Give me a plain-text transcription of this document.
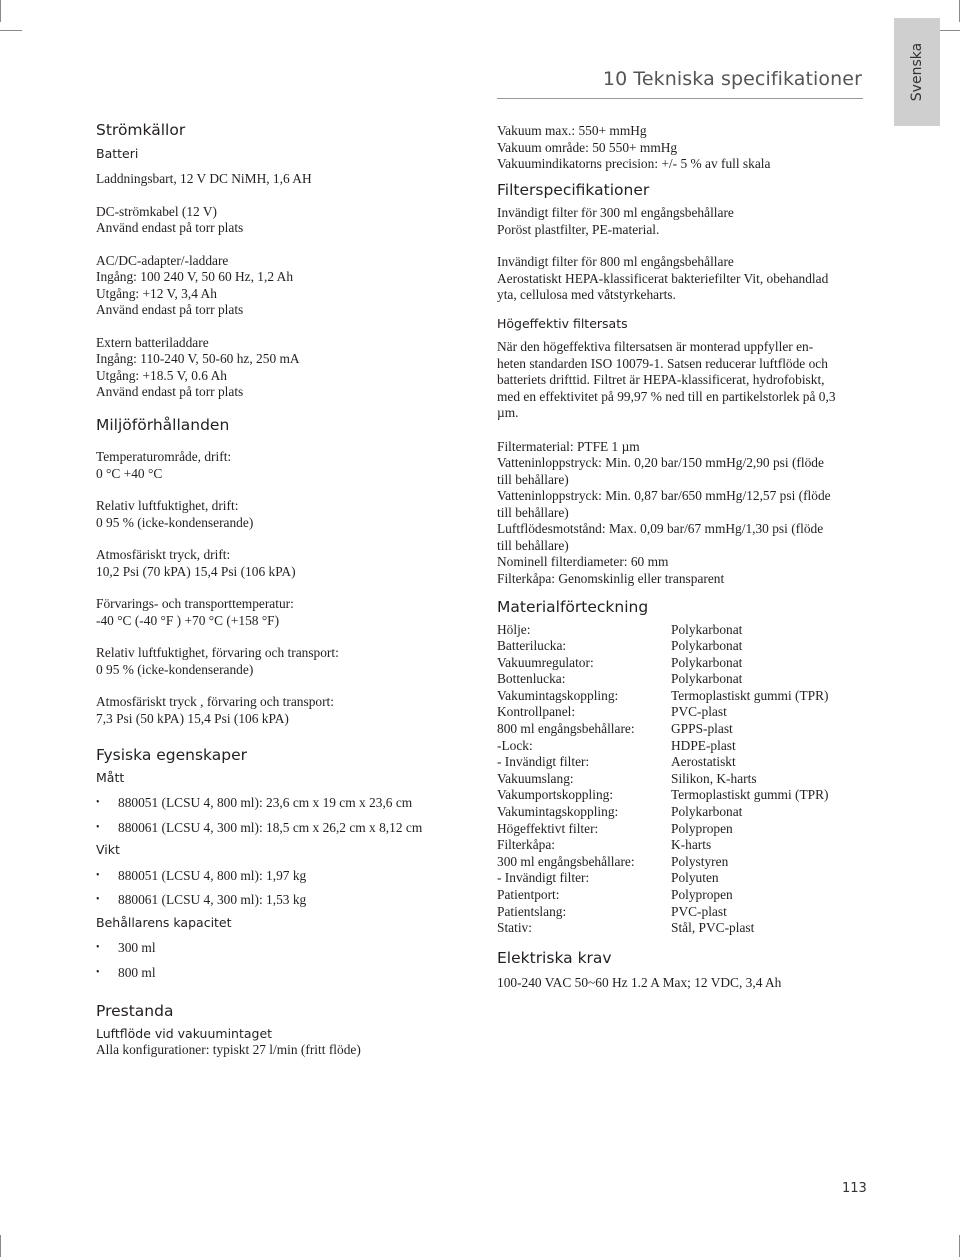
Svenska
10 Tekniska specifikationer
Strömkällor
Batteri
Laddningsbart, 12 V DC NiMH, 1,6 AH
DC-strömkabel (12 V)
Använd endast på torr plats
AC/DC-adapter/-laddare
Ingång: 100 240 V, 50 60 Hz, 1,2 Ah
Utgång: +12 V, 3,4 Ah
Använd endast på torr plats
Extern batteriladdare
Ingång: 110-240 V, 50-60 hz, 250 mA
Utgång: +18.5 V, 0.6 Ah
Använd endast på torr plats
Miljöförhållanden
Temperaturområde, drift:
0 °C +40 °C
Relativ luftfuktighet, drift:
0 95 % (icke-kondenserande)
Atmosfäriskt tryck, drift:
10,2 Psi (70 kPA) 15,4 Psi (106 kPA)
Förvarings- och transporttemperatur:
-40 °C (-40 °F ) +70 °C (+158 °F)
Relativ luftfuktighet, förvaring och transport:
0 95 % (icke-kondenserande)
Atmosfäriskt tryck , förvaring och transport:
7,3 Psi (50 kPA) 15,4 Psi (106 kPA)
Fysiska egenskaper
Mått
• 880051 (LCSU 4, 800 ml): 23,6 cm x 19 cm x 23,6 cm
• 880061 (LCSU 4, 300 ml): 18,5 cm x 26,2 cm x 8,12 cm
Vikt
• 880051 (LCSU 4, 800 ml): 1,97 kg
• 880061 (LCSU 4, 300 ml): 1,53 kg
Behållarens kapacitet
• 300 ml
• 800 ml
Prestanda
Luftflöde vid vakuumintaget
Alla konfigurationer: typiskt 27 l/min (fritt flöde)
Vakuum max.: 550+ mmHg
Vakuum område: 50 550+ mmHg
Vakuumindikatorns precision: +/- 5 % av full skala
Filterspecifikationer
Invändigt filter för 300 ml engångsbehållare
Poröst plastfilter, PE-material.
Invändigt filter för 800 ml engångsbehållare
Aerostatiskt HEPA-klassificerat bakteriefilter Vit, obehandlad
yta, cellulosa med våtstyrkeharts.
Högeffektiv filtersats
När den högeffektiva filtersatsen är monterad uppfyller en-
heten standarden ISO 10079-1. Satsen reducerar luftflöde och
batteriets drifttid. Filtret är HEPA-klassificerat, hydrofobiskt,
med en effektivitet på 99,97 % ned till en partikelstorlek på 0,3
µm.
Filtermaterial: PTFE 1 µm
Vatteninloppstryck: Min. 0,20 bar/150 mmHg/2,90 psi (flöde
till behållare)
Vatteninloppstryck: Min. 0,87 bar/650 mmHg/12,57 psi (flöde
till behållare)
Luftflödesmotstånd: Max. 0,09 bar/67 mmHg/1,30 psi (flöde
till behållare)
Nominell filterdiameter: 60 mm
Filterkåpa: Genomskinlig eller transparent
Materialförteckning
Hölje:	Polykarbonat
Batterilucka:	Polykarbonat
Vakuumregulator:	Polykarbonat
Bottenlucka:	Polykarbonat
Vakumintagskoppling:	Termoplastiskt gummi (TPR)
Kontrollpanel:	PVC-plast
800 ml engångsbehållare:	GPPS-plast
-Lock:	HDPE-plast
- Invändigt filter:	Aerostatiskt
Vakuumslang:	Silikon, K-harts
Vakumportskoppling:	Termoplastiskt gummi (TPR)
Vakumintagskoppling:	Polykarbonat
Högeffektivt filter:	Polypropen
Filterkåpa:	K-harts
300 ml engångsbehållare:	Polystyren
- Invändigt filter:	Polyuten
Patientport:	Polypropen
Patientslang:	PVC-plast
Stativ:	Stål, PVC-plast
Elektriska krav
100-240 VAC 50~60 Hz 1.2 A Max; 12 VDC, 3,4 Ah
113
